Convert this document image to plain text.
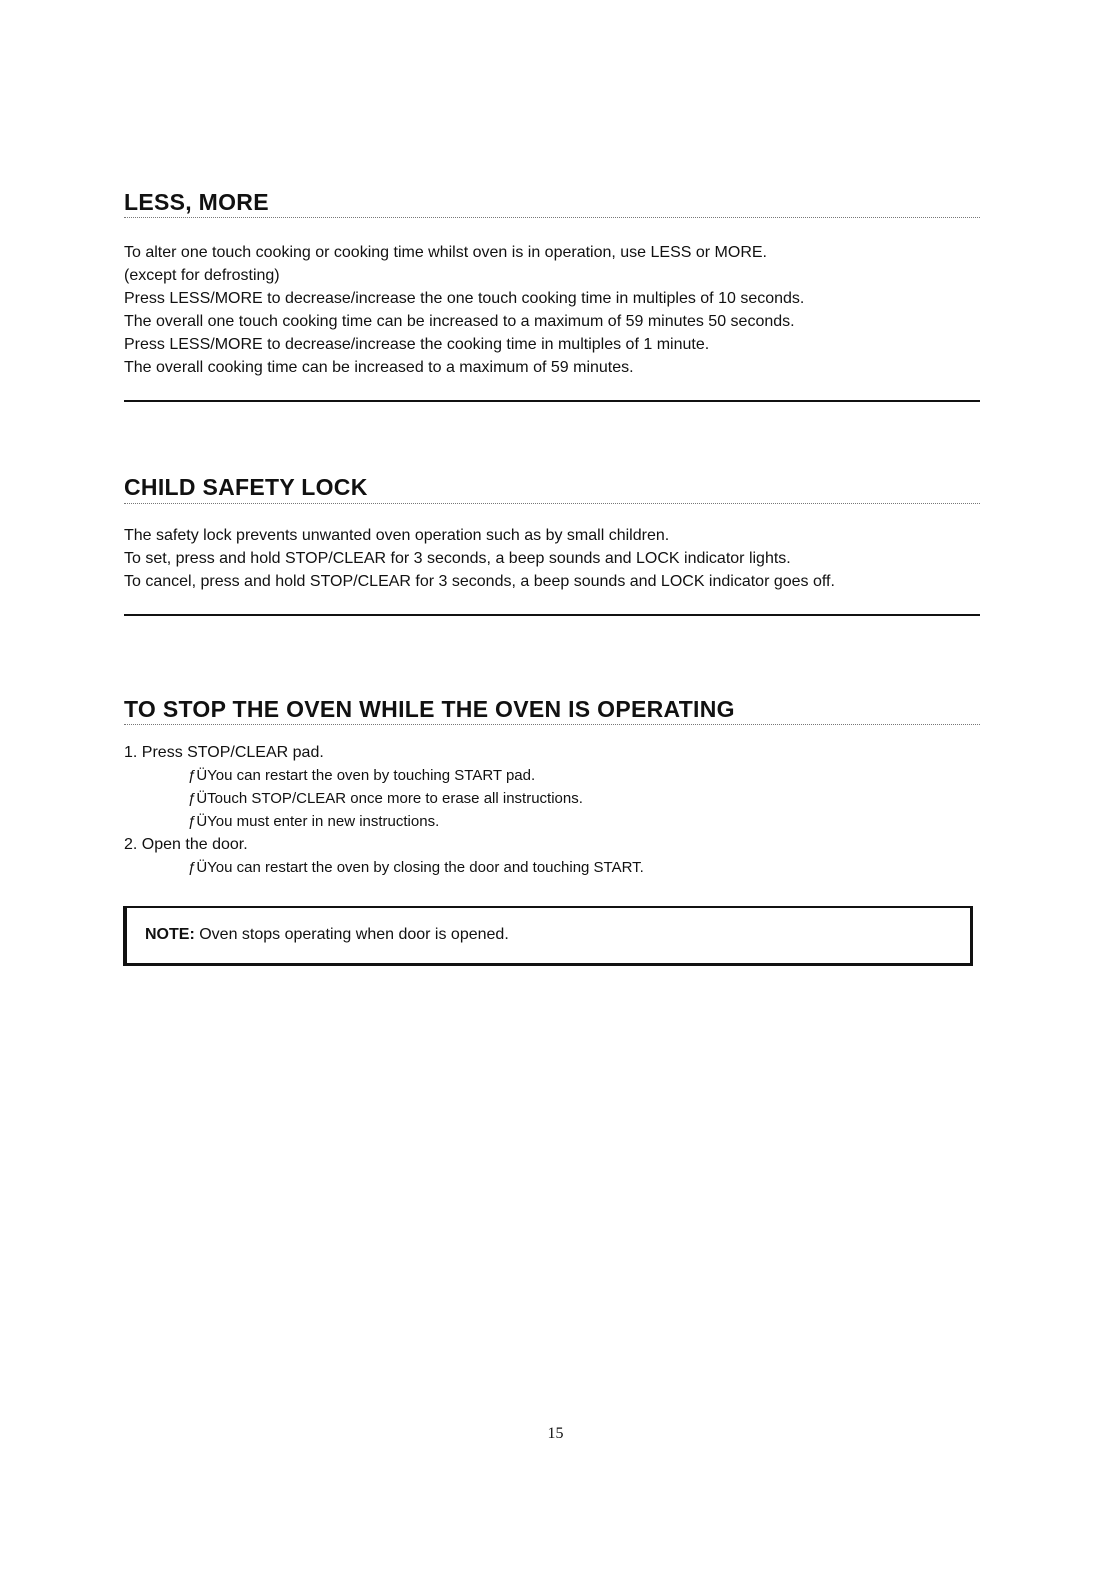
LESS, MORE
To alter one touch cooking or cooking time whilst oven is in operation, use LESS or MORE.
(except for defrosting)
Press LESS/MORE to decrease/increase the one touch cooking time in multiples of 10 seconds.
The overall one touch cooking time can be increased to a maximum of 59 minutes 50 seconds.
Press LESS/MORE to decrease/increase the cooking time in multiples of 1 minute.
The overall cooking time can be increased to a maximum of 59 minutes.
CHILD SAFETY LOCK
The safety lock prevents unwanted oven operation such as by small children.
To set, press and hold STOP/CLEAR for 3 seconds, a beep sounds and LOCK indicator lights.
To cancel, press and hold STOP/CLEAR for 3 seconds, a beep sounds and LOCK indicator goes off.
TO STOP THE OVEN WHILE THE OVEN IS OPERATING
1. Press STOP/CLEAR pad.
ƒÜYou can restart the oven by touching START pad.
ƒÜTouch STOP/CLEAR once more to erase all instructions.
ƒÜYou must enter in new instructions.
2. Open the door.
ƒÜYou can restart the oven by closing the door and touching START.
NOTE: Oven stops operating when door is opened.
15
